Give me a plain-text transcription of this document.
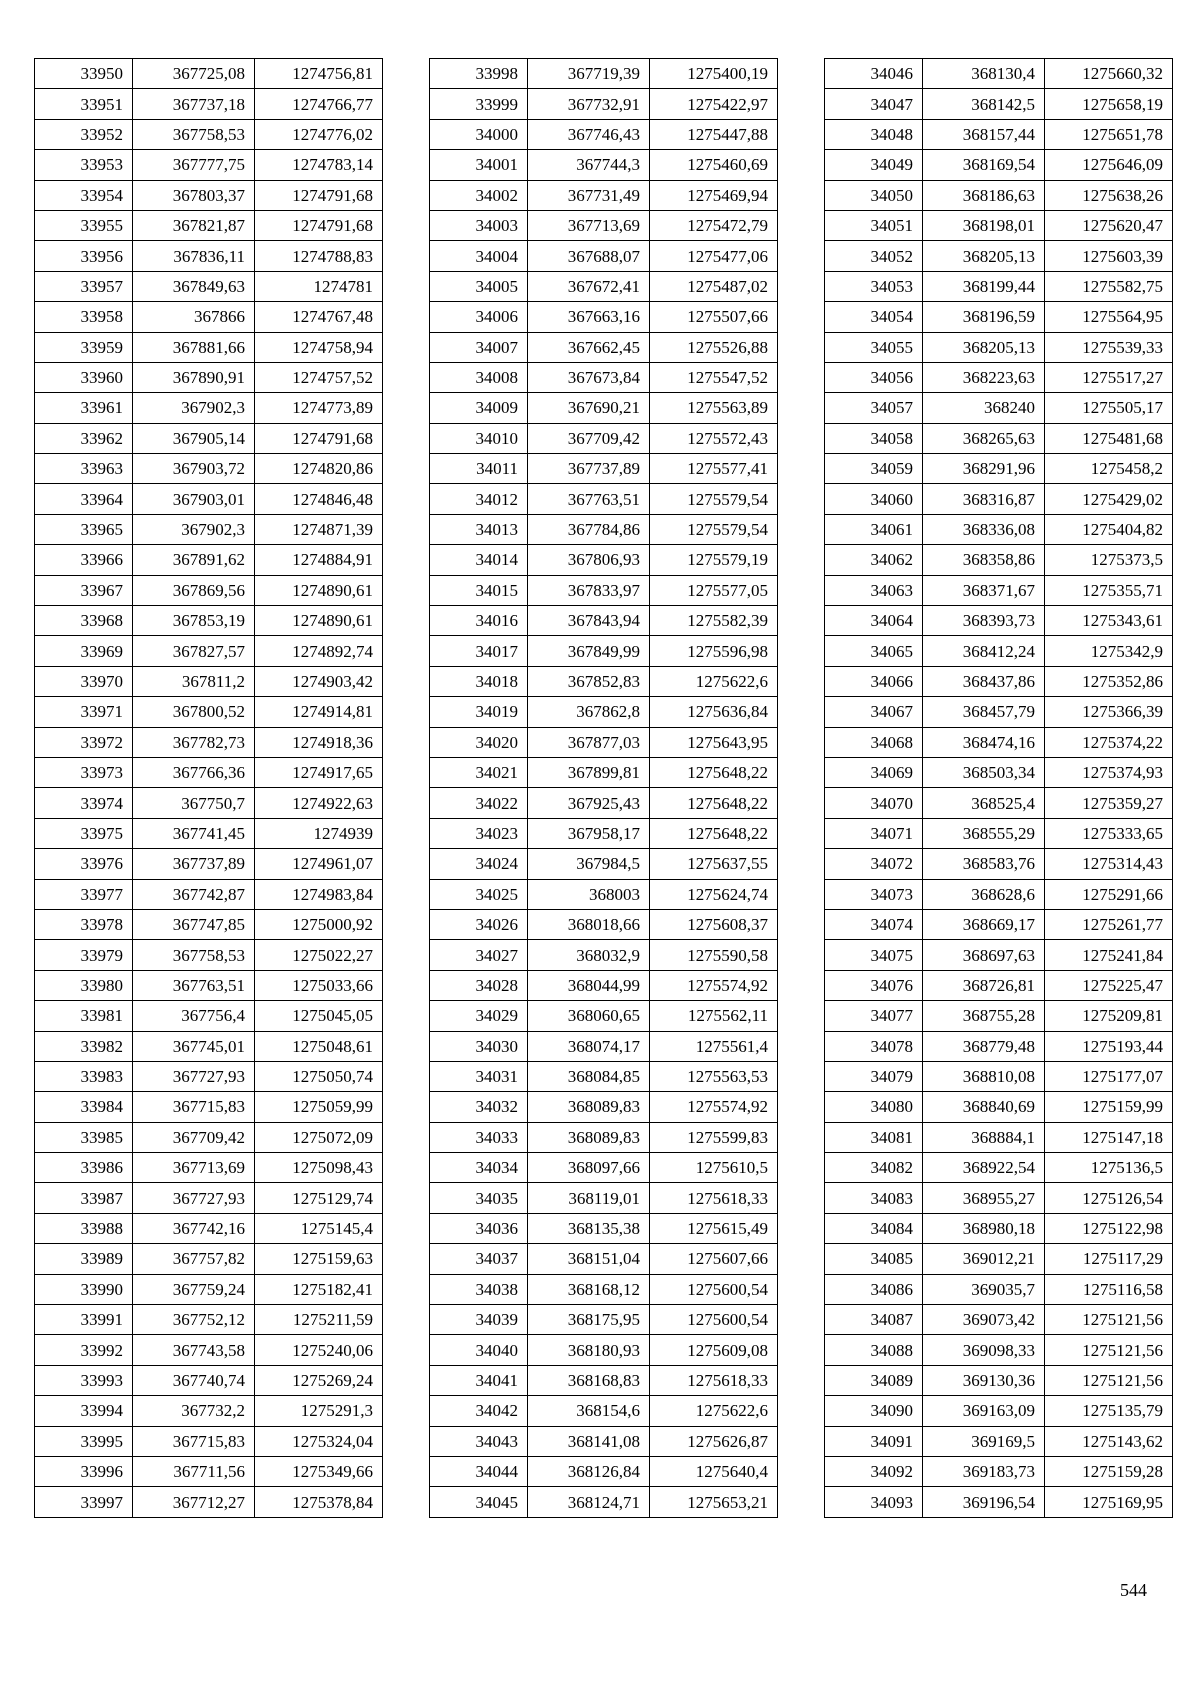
33950	367725,08	1274756,81
33951	367737,18	1274766,77
33952	367758,53	1274776,02
33953	367777,75	1274783,14
33954	367803,37	1274791,68
33955	367821,87	1274791,68
33956	367836,11	1274788,83
33957	367849,63	1274781
33958	367866	1274767,48
33959	367881,66	1274758,94
33960	367890,91	1274757,52
33961	367902,3	1274773,89
33962	367905,14	1274791,68
33963	367903,72	1274820,86
33964	367903,01	1274846,48
33965	367902,3	1274871,39
33966	367891,62	1274884,91
33967	367869,56	1274890,61
33968	367853,19	1274890,61
33969	367827,57	1274892,74
33970	367811,2	1274903,42
33971	367800,52	1274914,81
33972	367782,73	1274918,36
33973	367766,36	1274917,65
33974	367750,7	1274922,63
33975	367741,45	1274939
33976	367737,89	1274961,07
33977	367742,87	1274983,84
33978	367747,85	1275000,92
33979	367758,53	1275022,27
33980	367763,51	1275033,66
33981	367756,4	1275045,05
33982	367745,01	1275048,61
33983	367727,93	1275050,74
33984	367715,83	1275059,99
33985	367709,42	1275072,09
33986	367713,69	1275098,43
33987	367727,93	1275129,74
33988	367742,16	1275145,4
33989	367757,82	1275159,63
33990	367759,24	1275182,41
33991	367752,12	1275211,59
33992	367743,58	1275240,06
33993	367740,74	1275269,24
33994	367732,2	1275291,3
33995	367715,83	1275324,04
33996	367711,56	1275349,66
33997	367712,27	1275378,84
33998	367719,39	1275400,19
33999	367732,91	1275422,97
34000	367746,43	1275447,88
34001	367744,3	1275460,69
34002	367731,49	1275469,94
34003	367713,69	1275472,79
34004	367688,07	1275477,06
34005	367672,41	1275487,02
34006	367663,16	1275507,66
34007	367662,45	1275526,88
34008	367673,84	1275547,52
34009	367690,21	1275563,89
34010	367709,42	1275572,43
34011	367737,89	1275577,41
34012	367763,51	1275579,54
34013	367784,86	1275579,54
34014	367806,93	1275579,19
34015	367833,97	1275577,05
34016	367843,94	1275582,39
34017	367849,99	1275596,98
34018	367852,83	1275622,6
34019	367862,8	1275636,84
34020	367877,03	1275643,95
34021	367899,81	1275648,22
34022	367925,43	1275648,22
34023	367958,17	1275648,22
34024	367984,5	1275637,55
34025	368003	1275624,74
34026	368018,66	1275608,37
34027	368032,9	1275590,58
34028	368044,99	1275574,92
34029	368060,65	1275562,11
34030	368074,17	1275561,4
34031	368084,85	1275563,53
34032	368089,83	1275574,92
34033	368089,83	1275599,83
34034	368097,66	1275610,5
34035	368119,01	1275618,33
34036	368135,38	1275615,49
34037	368151,04	1275607,66
34038	368168,12	1275600,54
34039	368175,95	1275600,54
34040	368180,93	1275609,08
34041	368168,83	1275618,33
34042	368154,6	1275622,6
34043	368141,08	1275626,87
34044	368126,84	1275640,4
34045	368124,71	1275653,21
34046	368130,4	1275660,32
34047	368142,5	1275658,19
34048	368157,44	1275651,78
34049	368169,54	1275646,09
34050	368186,63	1275638,26
34051	368198,01	1275620,47
34052	368205,13	1275603,39
34053	368199,44	1275582,75
34054	368196,59	1275564,95
34055	368205,13	1275539,33
34056	368223,63	1275517,27
34057	368240	1275505,17
34058	368265,63	1275481,68
34059	368291,96	1275458,2
34060	368316,87	1275429,02
34061	368336,08	1275404,82
34062	368358,86	1275373,5
34063	368371,67	1275355,71
34064	368393,73	1275343,61
34065	368412,24	1275342,9
34066	368437,86	1275352,86
34067	368457,79	1275366,39
34068	368474,16	1275374,22
34069	368503,34	1275374,93
34070	368525,4	1275359,27
34071	368555,29	1275333,65
34072	368583,76	1275314,43
34073	368628,6	1275291,66
34074	368669,17	1275261,77
34075	368697,63	1275241,84
34076	368726,81	1275225,47
34077	368755,28	1275209,81
34078	368779,48	1275193,44
34079	368810,08	1275177,07
34080	368840,69	1275159,99
34081	368884,1	1275147,18
34082	368922,54	1275136,5
34083	368955,27	1275126,54
34084	368980,18	1275122,98
34085	369012,21	1275117,29
34086	369035,7	1275116,58
34087	369073,42	1275121,56
34088	369098,33	1275121,56
34089	369130,36	1275121,56
34090	369163,09	1275135,79
34091	369169,5	1275143,62
34092	369183,73	1275159,28
34093	369196,54	1275169,95
544
